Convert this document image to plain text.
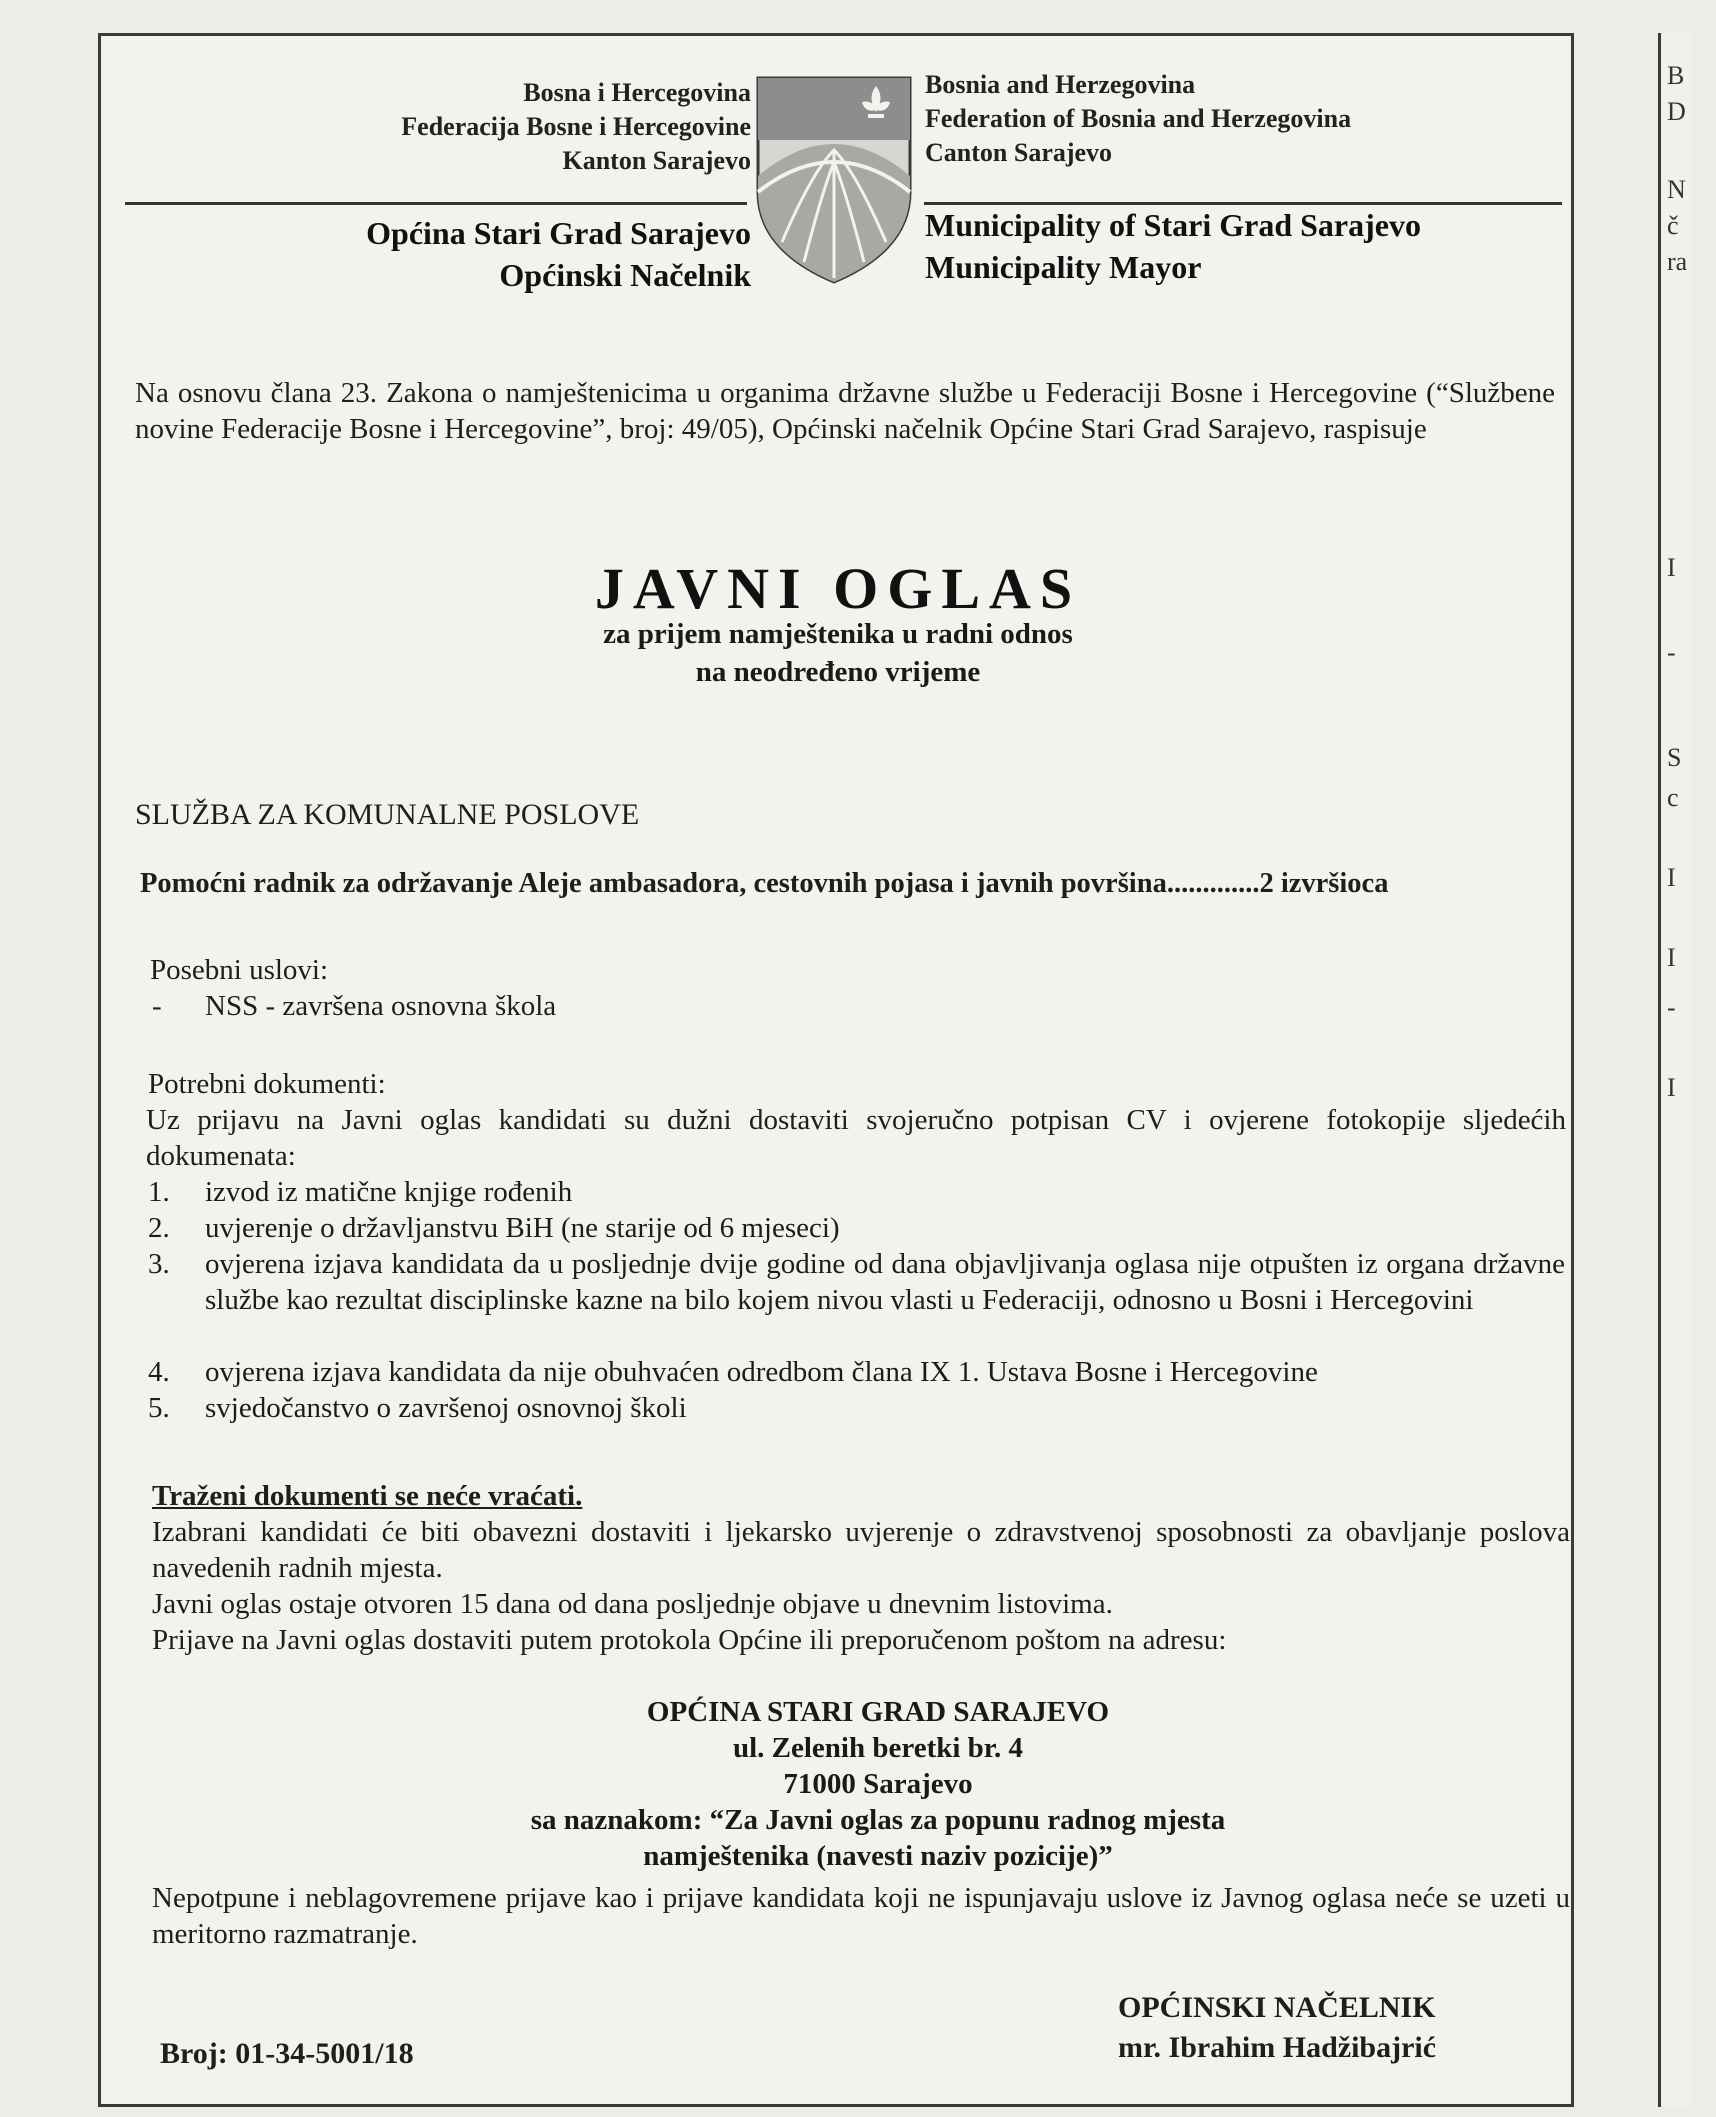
B
D
N
č
ra
I
-
S
c
I
I
-
I
Bosna i Hercegovina
Federacija Bosne i Hercegovine
Kanton Sarajevo
Bosnia and Herzegovina
Federation of Bosnia and Herzegovina
Canton Sarajevo
Općina Stari Grad Sarajevo
Općinski Načelnik
Municipality of Stari Grad Sarajevo
Municipality Mayor
Na osnovu člana 23. Zakona o namještenicima u organima državne službe u Federaciji Bosne i Hercegovine (“Službene novine Federacije Bosne i Hercegovine”, broj: 49/05), Općinski načelnik Općine Stari Grad Sarajevo, raspisuje
JAVNI OGLAS
za prijem namještenika u radni odnos
na neodređeno vrijeme
SLUŽBA ZA KOMUNALNE POSLOVE
Pomoćni radnik za održavanje Aleje ambasadora, cestovnih pojasa i javnih površina.............2 izvršioca
Posebni uslovi:
- NSS - završena osnovna škola
Potrebni dokumenti:
Uz prijavu na Javni oglas kandidati su dužni dostaviti svojeručno potpisan CV i ovjerene fotokopije sljedećih dokumenata:
1. izvod iz matične knjige rođenih
2. uvjerenje o državljanstvu BiH (ne starije od 6 mjeseci)
3. ovjerena izjava kandidata da u posljednje dvije godine od dana objavljivanja oglasa nije otpušten iz organa državne službe kao rezultat disciplinske kazne na bilo kojem nivou vlasti u Federaciji, odnosno u Bosni i Hercegovini
4. ovjerena izjava kandidata da nije obuhvaćen odredbom člana IX 1. Ustava Bosne i Hercegovine
5. svjedočanstvo o završenoj osnovnoj školi
Traženi dokumenti se neće vraćati.
Izabrani kandidati će biti obavezni dostaviti i ljekarsko uvjerenje o zdravstvenoj sposobnosti za obavljanje poslova navedenih radnih mjesta.
Javni oglas ostaje otvoren 15 dana od dana posljednje objave u dnevnim listovima.
Prijave na Javni oglas dostaviti putem protokola Općine ili preporučenom poštom na adresu:
OPĆINA STARI GRAD SARAJEVO
ul. Zelenih beretki br. 4
71000 Sarajevo
sa naznakom: “Za Javni oglas za popunu radnog mjesta
namještenika (navesti naziv pozicije)”
Nepotpune i neblagovremene prijave kao i prijave kandidata koji ne ispunjavaju uslove iz Javnog oglasa neće se uzeti u meritorno razmatranje.
OPĆINSKI NAČELNIK
Broj: 01-34-5001/18	mr. Ibrahim Hadžibajrić
